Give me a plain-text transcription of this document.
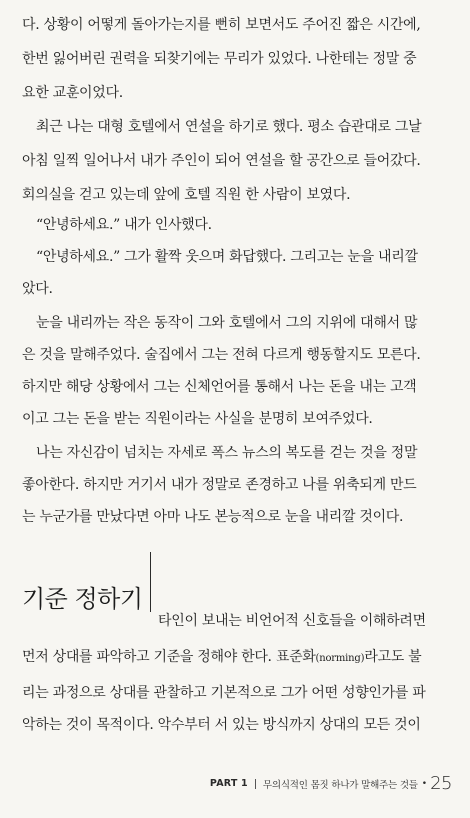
다. 상황이 어떻게 돌아가는지를 뻔히 보면서도 주어진 짧은 시간에,
한번 잃어버린 권력을 되찾기에는 무리가 있었다. 나한테는 정말 중
요한 교훈이었다.
최근 나는 대형 호텔에서 연설을 하기로 했다. 평소 습관대로 그날
아침 일찍 일어나서 내가 주인이 되어 연설을 할 공간으로 들어갔다.
회의실을 걷고 있는데 앞에 호텔 직원 한 사람이 보였다.
“안녕하세요.” 내가 인사했다.
“안녕하세요.” 그가 활짝 웃으며 화답했다. 그리고는 눈을 내리깔
았다.
눈을 내리까는 작은 동작이 그와 호텔에서 그의 지위에 대해서 많
은 것을 말해주었다. 술집에서 그는 전혀 다르게 행동할지도 모른다.
하지만 해당 상황에서 그는 신체언어를 통해서 나는 돈을 내는 고객
이고 그는 돈을 받는 직원이라는 사실을 분명히 보여주었다.
나는 자신감이 넘치는 자세로 폭스 뉴스의 복도를 걷는 것을 정말
좋아한다. 하지만 거기서 내가 정말로 존경하고 나를 위축되게 만드
는 누군가를 만났다면 아마 나도 본능적으로 눈을 내리깔 것이다.
기준 정하기
타인이 보내는 비언어적 신호들을 이해하려면
먼저 상대를 파악하고 기준을 정해야 한다. 표준화(norming)라고도 불
리는 과정으로 상대를 관찰하고 기본적으로 그가 어떤 성향인가를 파
악하는 것이 목적이다. 악수부터 서 있는 방식까지 상대의 모든 것이
PART 1 무의식적인 몸짓 하나가 말해주는 것들 • 25
